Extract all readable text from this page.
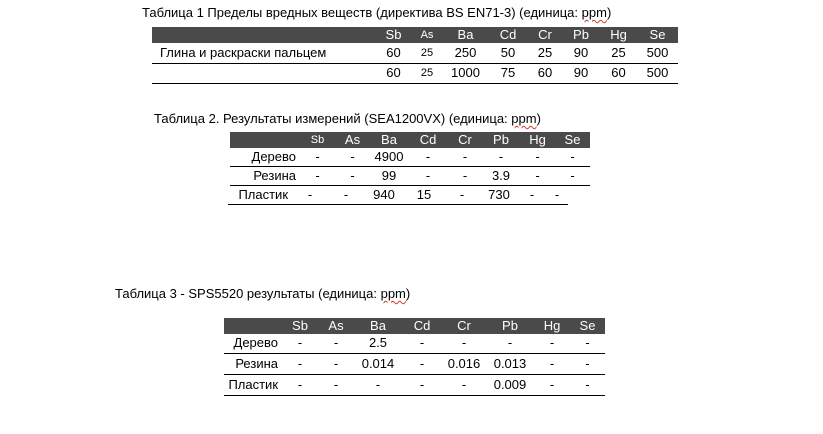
Таблица 1 Пределы вредных веществ (директива BS EN71-3) (единица: ppm)
	Sb	As	Ba	Cd	Cr	Pb	Hg	Se
Глина и раскраски пальцем	60	25	250	50	25	90	25	500
	60	25	1000	75	60	90	60	500
Таблица 2. Результаты измерений (SEA1200VX) (единица: ppm)
	Sb	As	Ba	Cd	Cr	Pb	Hg	Se
Дерево	-	-	4900	-	-	-	-	-
Резина	-	-	99	-	-	3.9	-	-
Пластик	-	-	940	15	-	730	-	-
Таблица 3 - SPS5520 результаты (единица: ppm)
	Sb	As	Ba	Cd	Cr	Pb	Hg	Se
Дерево	-	-	2.5	-	-	-	-	-
Резина	-	-	0.014	-	0.016	0.013	-	-
Пластик	-	-	-	-	-	0.009	-	-
